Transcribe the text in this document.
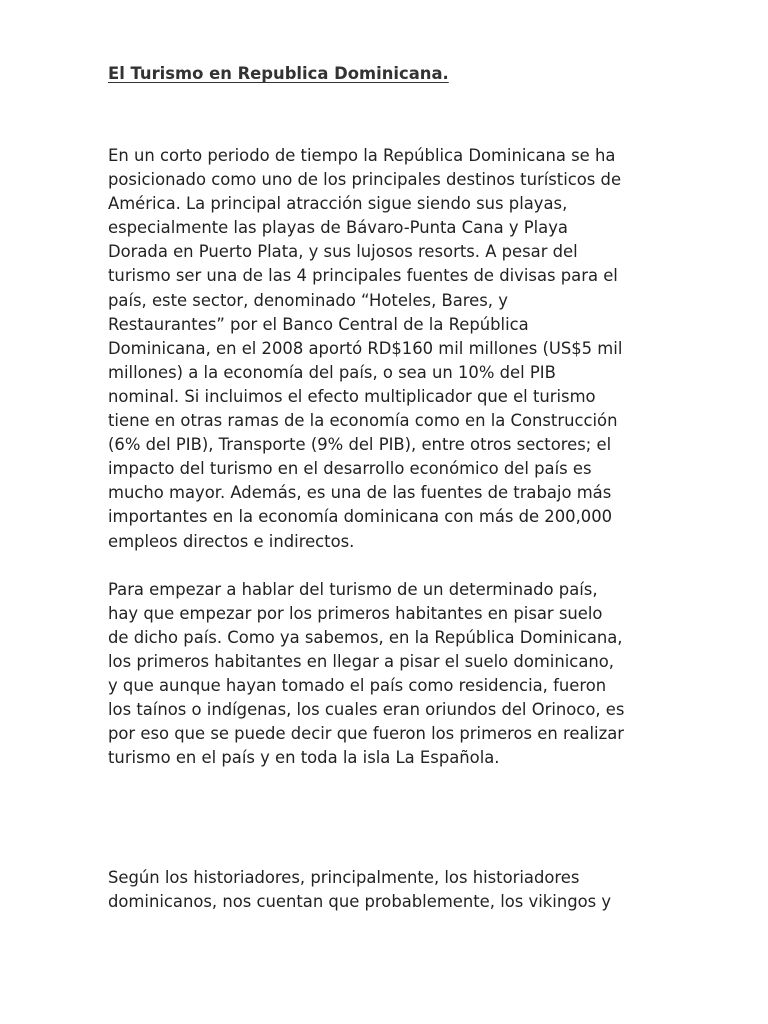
El Turismo en Republica Dominicana.

En un corto periodo de tiempo la República Dominicana se ha
posicionado como uno de los principales destinos turísticos de
América. La principal atracción sigue siendo sus playas,
especialmente las playas de Bávaro-Punta Cana y Playa
Dorada en Puerto Plata, y sus lujosos resorts. A pesar del
turismo ser una de las 4 principales fuentes de divisas para el
país, este sector, denominado “Hoteles, Bares, y
Restaurantes” por el Banco Central de la República
Dominicana, en el 2008 aportó RD$160 mil millones (US$5 mil
millones) a la economía del país, o sea un 10% del PIB
nominal. Si incluimos el efecto multiplicador que el turismo
tiene en otras ramas de la economía como en la Construcción
(6% del PIB), Transporte (9% del PIB), entre otros sectores; el
impacto del turismo en el desarrollo económico del país es
mucho mayor. Además, es una de las fuentes de trabajo más
importantes en la economía dominicana con más de 200,000
empleos directos e indirectos.

Para empezar a hablar del turismo de un determinado país,
hay que empezar por los primeros habitantes en pisar suelo
de dicho país. Como ya sabemos, en la República Dominicana,
los primeros habitantes en llegar a pisar el suelo dominicano,
y que aunque hayan tomado el país como residencia, fueron
los taínos o indígenas, los cuales eran oriundos del Orinoco, es
por eso que se puede decir que fueron los primeros en realizar
turismo en el país y en toda la isla La Española.

Según los historiadores, principalmente, los historiadores
dominicanos, nos cuentan que probablemente, los vikingos y
